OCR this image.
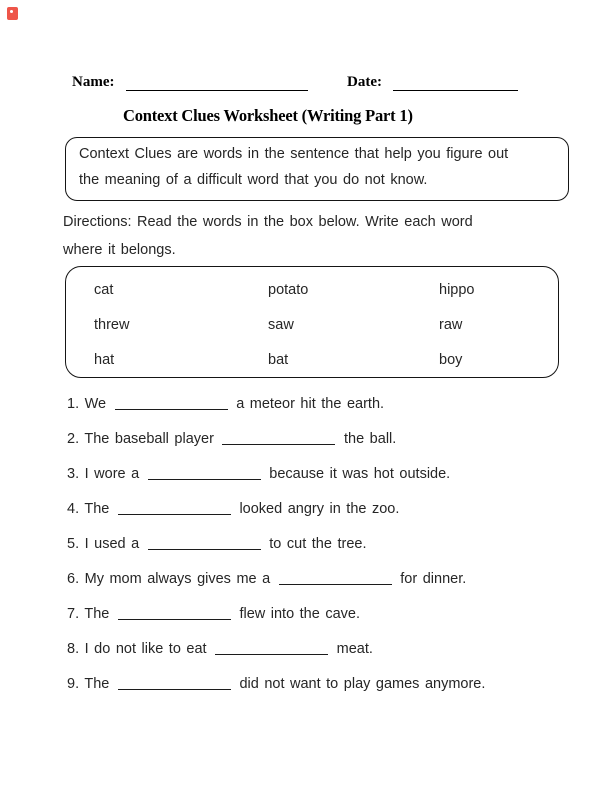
Name:	Date:
Context Clues Worksheet (Writing Part 1)
Context Clues are words in the sentence that help you figure out
the meaning of a difficult word that you do not know.
Directions: Read the words in the box below. Write each word
where it belongs.
cat	potato	hippo
threw	saw	raw
hat	bat	boy
1. We	a meteor hit the earth.
2. The baseball player	the ball.
3. I wore a	because it was hot outside.
4. The	looked angry in the zoo.
5. I used a	to cut the tree.
6. My mom always gives me a	for dinner.
7. The	flew into the cave.
8. I do not like to eat	meat.
9. The	did not want to play games anymore.
